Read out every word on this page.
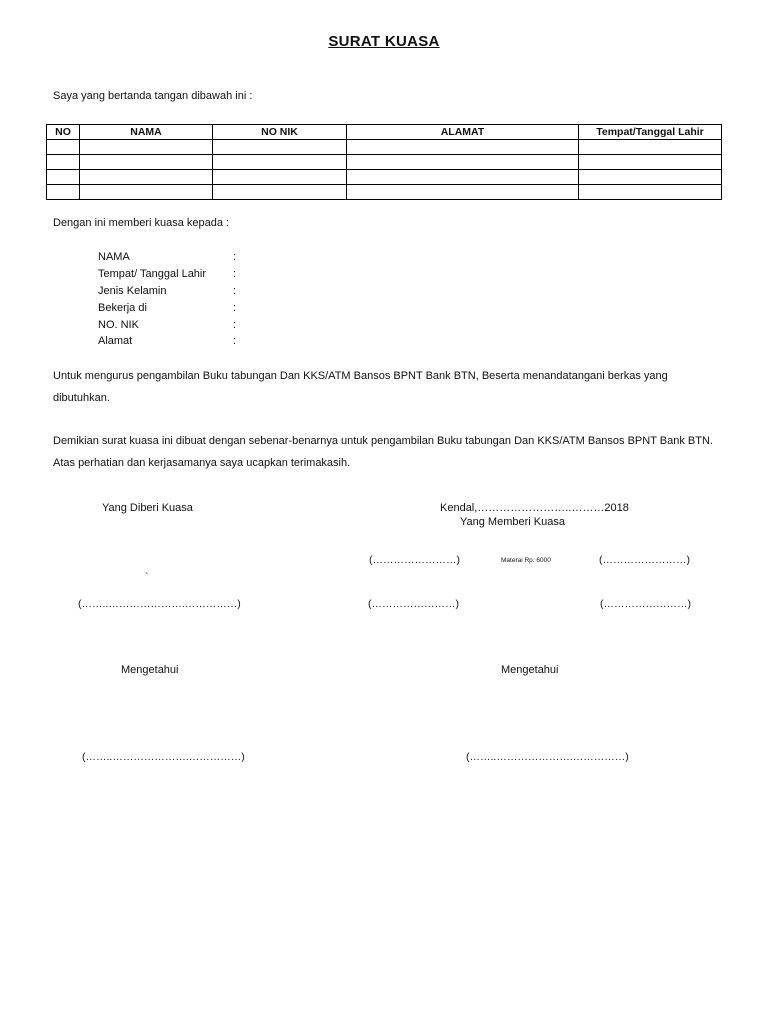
SURAT KUASA
Saya yang bertanda tangan dibawah ini :
NO	NAMA	NO NIK	ALAMAT	Tempat/Tanggal Lahir

Dengan ini memberi kuasa kepada :
NAMA	:
Tempat/ Tanggal Lahir :
Jenis Kelamin	:
Bekerja di	:
NO. NIK	:
Alamat	:
Untuk mengurus pengambilan Buku tabungan Dan KKS/ATM Bansos BPNT Bank BTN, Beserta menandatangani berkas yang dibutuhkan.
Demikian surat kuasa ini dibuat dengan sebenar-benarnya untuk pengambilan Buku tabungan Dan KKS/ATM Bansos BPNT Bank BTN. Atas perhatian dan kerjasamanya saya ucapkan terimakasih.
Yang Diberi Kuasa	Kendal,……………………..………2018
Yang Memberi Kuasa
(……………………)	Materai Rp. 6000	(……………………)
`
(……..………………….……………)	(……………………)	(……………………)
Mengetahui	Mengetahui
(……..………………….……………)	(……..………………….……………)
